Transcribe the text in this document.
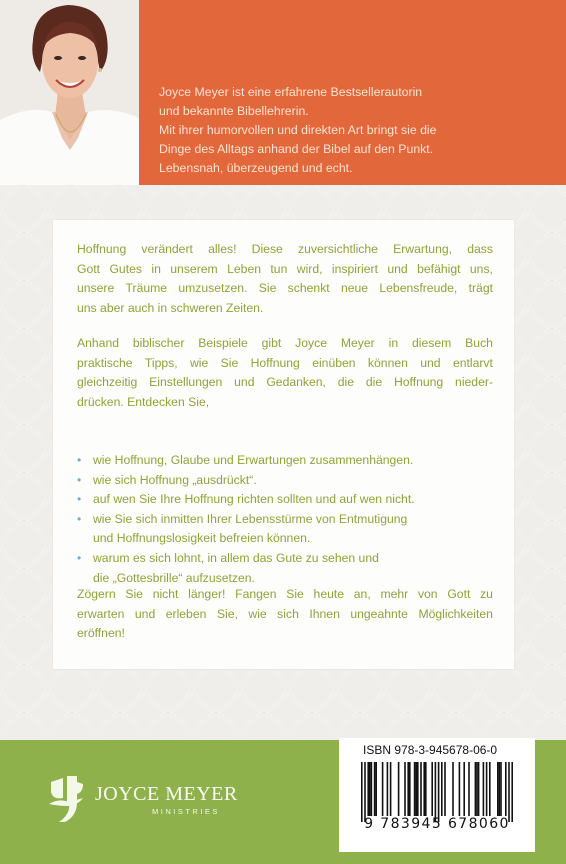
Joyce Meyer ist eine erfahrene Bestsellerautorin
und bekannte Bibellehrerin.
Mit ihrer humorvollen und direkten Art bringt sie die
Dinge des Alltags anhand der Bibel auf den Punkt.
Lebensnah, überzeugend und echt.
Hoffnung verändert alles! Diese zuversichtliche Erwartung, dass
Gott Gutes in unserem Leben tun wird, inspiriert und befähigt uns,
unsere Träume umzusetzen. Sie schenkt neue Lebensfreude, trägt
uns aber auch in schweren Zeiten.
Anhand biblischer Beispiele gibt Joyce Meyer in diesem Buch
praktische Tipps, wie Sie Hoffnung einüben können und entlarvt
gleichzeitig Einstellungen und Gedanken, die die Hoffnung nieder-
drücken. Entdecken Sie,
• wie Hoffnung, Glaube und Erwartungen zusammenhängen.
• wie sich Hoffnung „ausdrückt“.
• auf wen Sie Ihre Hoffnung richten sollten und auf wen nicht.
• wie Sie sich inmitten Ihrer Lebensstürme von Entmutigung
und Hoffnungslosigkeit befreien können.
• warum es sich lohnt, in allem das Gute zu sehen und
die „Gottesbrille“ aufzusetzen.
Zögern Sie nicht länger! Fangen Sie heute an, mehr von Gott zu
erwarten und erleben Sie, wie sich Ihnen ungeahnte Möglichkeiten
eröffnen!
JOYCE MEYER
MINISTRIES
ISBN 978-3-945678-06-0
9 783945 678060
